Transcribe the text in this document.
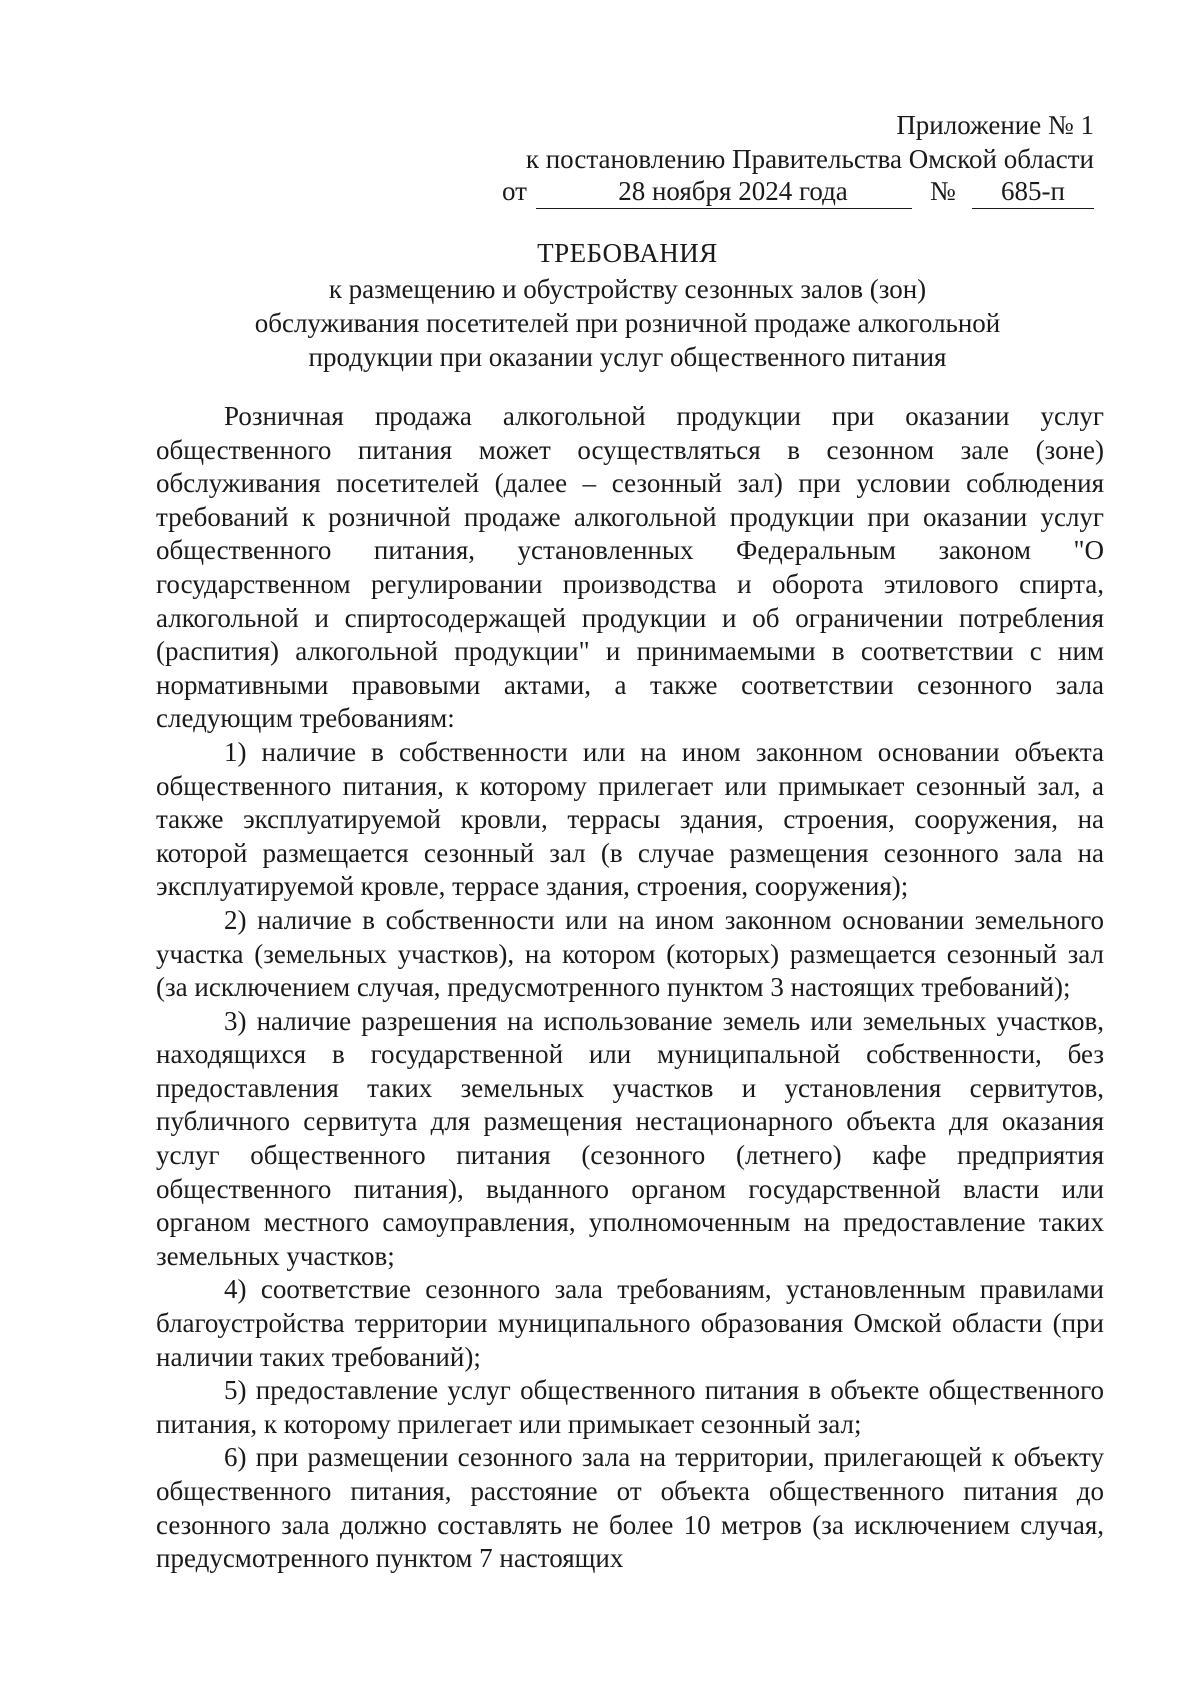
Приложение № 1
к постановлению Правительства Омской области
от	28 ноября 2024 года	№	685-п
ТРЕБОВАНИЯ
к размещению и обустройству сезонных залов (зон)
обслуживания посетителей при розничной продаже алкогольной
продукции при оказании услуг общественного питания

Розничная продажа алкогольной продукции при оказании услуг общественного питания может осуществляться в сезонном зале (зоне) обслуживания посетителей (далее – сезонный зал) при условии соблюдения требований к розничной продаже алкогольной продукции при оказании услуг общественного питания, установленных Федеральным законом "О государственном регулировании производства и оборота этилового спирта, алкогольной и спиртосодержащей продукции и об ограничении потребления (распития) алкогольной продукции" и принимаемыми в соответствии с ним нормативными правовыми актами, а также соответствии сезонного зала следующим требованиям:

1) наличие в собственности или на ином законном основании объекта общественного питания, к которому прилегает или примыкает сезонный зал, а также эксплуатируемой кровли, террасы здания, строения, сооружения, на которой размещается сезонный зал (в случае размещения сезонного зала на эксплуатируемой кровле, террасе здания, строения, сооружения);

2) наличие в собственности или на ином законном основании земельного участка (земельных участков), на котором (которых) размещается сезонный зал (за исключением случая, предусмотренного пунктом 3 настоящих требований);

3) наличие разрешения на использование земель или земельных участков, находящихся в государственной или муниципальной собственности, без предоставления таких земельных участков и установления сервитутов, публичного сервитута для размещения нестационарного объекта для оказания услуг общественного питания (сезонного (летнего) кафе предприятия общественного питания), выданного органом государственной власти или органом местного самоуправления, уполномоченным на предоставление таких земельных участков;

4) соответствие сезонного зала требованиям, установленным правилами благоустройства территории муниципального образования Омской области (при наличии таких требований);

5) предоставление услуг общественного питания в объекте общественного питания, к которому прилегает или примыкает сезонный зал;

6) при размещении сезонного зала на территории, прилегающей к объекту общественного питания, расстояние от объекта общественного питания до сезонного зала должно составлять не более 10 метров (за исключением случая, предусмотренного пунктом 7 настоящих
